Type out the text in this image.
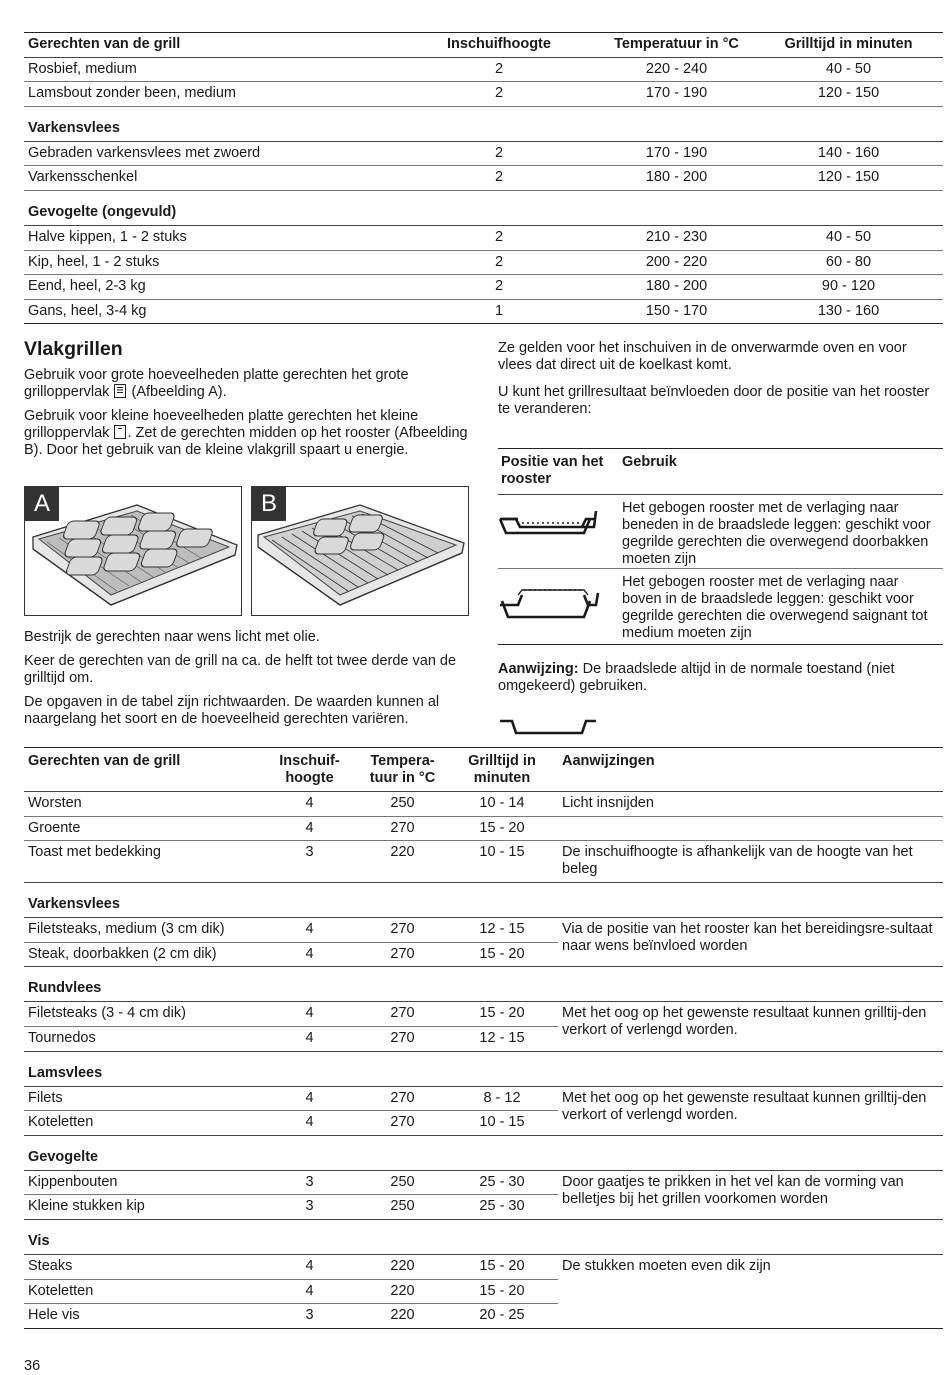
Gerechten van de grill	Inschuifhoogte	Temperatuur in °C	Grilltijd in minuten
Rosbief, medium	2	220 - 240	40 - 50
Lamsbout zonder been, medium	2	170 - 190	120 - 150
Varkensvlees			
Gebraden varkensvlees met zwoerd	2	170 - 190	140 - 160
Varkensschenkel	2	180 - 200	120 - 150
Gevogelte (ongevuld)			
Halve kippen, 1 - 2 stuks	2	210 - 230	40 - 50
Kip, heel, 1 - 2 stuks	2	200 - 220	60 - 80
Eend, heel, 2-3 kg	2	180 - 200	90 - 120
Gans, heel, 3-4 kg	1	150 - 170	130 - 160
Vlakgrillen

Gebruik voor grote hoeveelheden platte gerechten het grote grilloppervlak  (Afbeelding A).

Gebruik voor kleine hoeveelheden platte gerechten het kleine grilloppervlak . Zet de gerechten midden op het rooster (Afbeelding B). Door het gebruik van de kleine vlakgrill spaart u energie.

A	B

Bestrijk de gerechten naar wens licht met olie.

Keer de gerechten van de grill na ca. de helft tot twee derde van de grilltijd om.

De opgaven in de tabel zijn richtwaarden. De waarden kunnen al naargelang het soort en de hoeveelheid gerechten variëren.

Ze gelden voor het inschuiven in de onverwarmde oven en voor vlees dat direct uit de koelkast komt.

U kunt het grillresultaat beïnvloeden door de positie van het rooster te veranderen:

Positie van het rooster	Gebruik

	Het gebogen rooster met de verlaging naar beneden in de braadslede leggen: geschikt voor gegrilde gerechten die overwegend doorbakken moeten zijn

	Het gebogen rooster met de verlaging naar boven in de braadslede leggen: geschikt voor gegrilde gerechten die overwegend saignant tot medium moeten zijn

Aanwijzing: De braadslede altijd in de normale toestand (niet omgekeerd) gebruiken.

Gerechten van de grill	Inschuif-hoogte	Tempera-tuur in °C	Grilltijd in minuten	Aanwijzingen
Worsten	4	250	10 - 14	Licht insnijden
Groente	4	270	15 - 20	
Toast met bedekking	3	220	10 - 15	De inschuifhoogte is afhankelijk van de hoogte van het beleg
Varkensvlees				
Filetsteaks, medium (3 cm dik)	4	270	12 - 15	Via de positie van het rooster kan het bereidingsre-sultaat naar wens beïnvloed worden
Steak, doorbakken (2 cm dik)	4	270	15 - 20	
Rundvlees				
Filetsteaks (3 - 4 cm dik)	4	270	15 - 20	Met het oog op het gewenste resultaat kunnen grilltij-den verkort of verlengd worden.
Tournedos	4	270	12 - 15	
Lamsvlees				
Filets	4	270	8 - 12	Met het oog op het gewenste resultaat kunnen grilltij-den verkort of verlengd worden.
Koteletten	4	270	10 - 15	
Gevogelte				
Kippenbouten	3	250	25 - 30	Door gaatjes te prikken in het vel kan de vorming van belletjes bij het grillen voorkomen worden
Kleine stukken kip	3	250	25 - 30	
Vis				
Steaks	4	220	15 - 20	De stukken moeten even dik zijn
Koteletten	4	220	15 - 20	
Hele vis	3	220	20 - 25	
36
